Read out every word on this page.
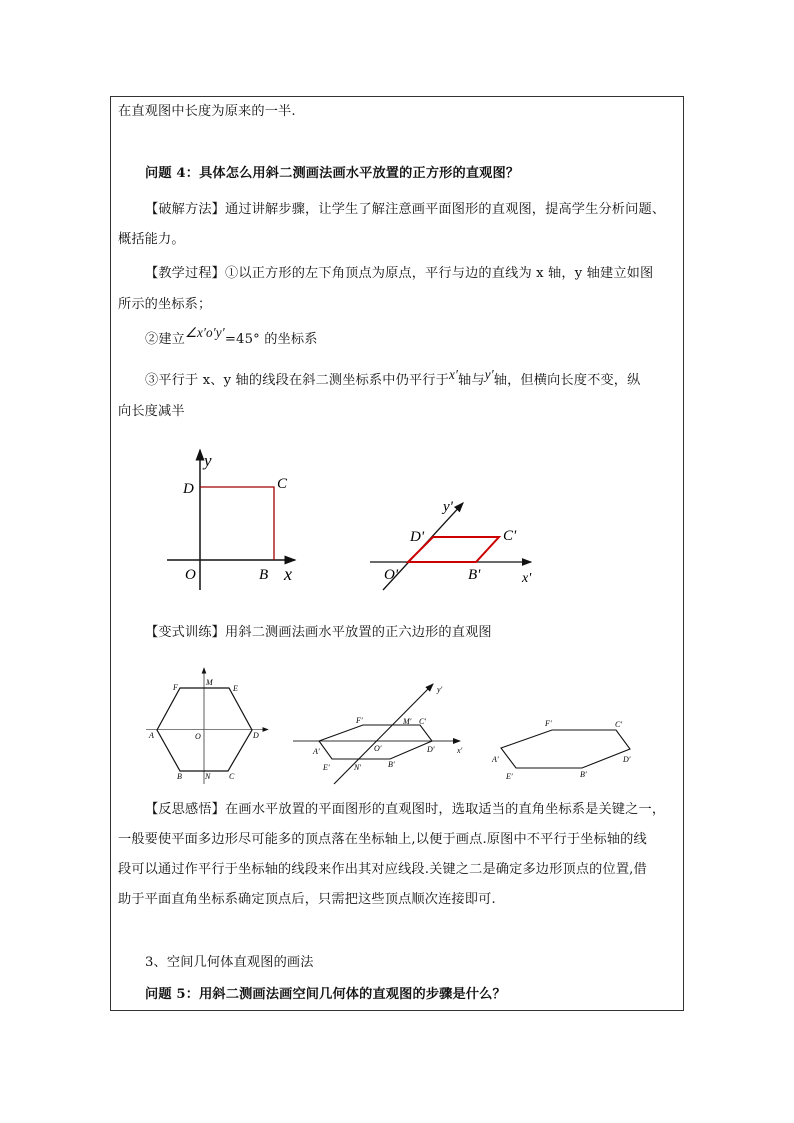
在直观图中长度为原来的一半.
问题 4：具体怎么用斜二测画法画水平放置的正方形的直观图？
【破解方法】通过讲解步骤，让学生了解注意画平面图形的直观图，提高学生分析问题、
概括能力。
【教学过程】①以正方形的左下角顶点为原点，平行与边的直线为 x 轴，y 轴建立如图
所示的坐标系；
②建立∠x′o′y′=45° 的坐标系
③平行于 x、y 轴的线段在斜二测坐标系中仍平行于x′轴与y′轴，但横向长度不变，纵
向长度减半
【变式训练】用斜二测画法画水平放置的正六边形的直观图
【反思感悟】在画水平放置的平面图形的直观图时，选取适当的直角坐标系是关键之一，
一般要使平面多边形尽可能多的顶点落在坐标轴上,以便于画点.原图中不平行于坐标轴的线
段可以通过作平行于坐标轴的线段来作出其对应线段.关键之二是确定多边形顶点的位置,借
助于平面直角坐标系确定顶点后，只需把这些顶点顺次连接即可.
3、空间几何体直观图的画法
问题 5：用斜二测画法画空间几何体的直观图的步骤是什么？
y
D	C
O	B x
y'
D'	C'
O'	B'	x'
F
M
E
A	O	D
B	N C
y′
F′	M′ C′
A′	O′	D′	x′
E′	N′	B′
F′	C′
A′	D′
E′	B′
